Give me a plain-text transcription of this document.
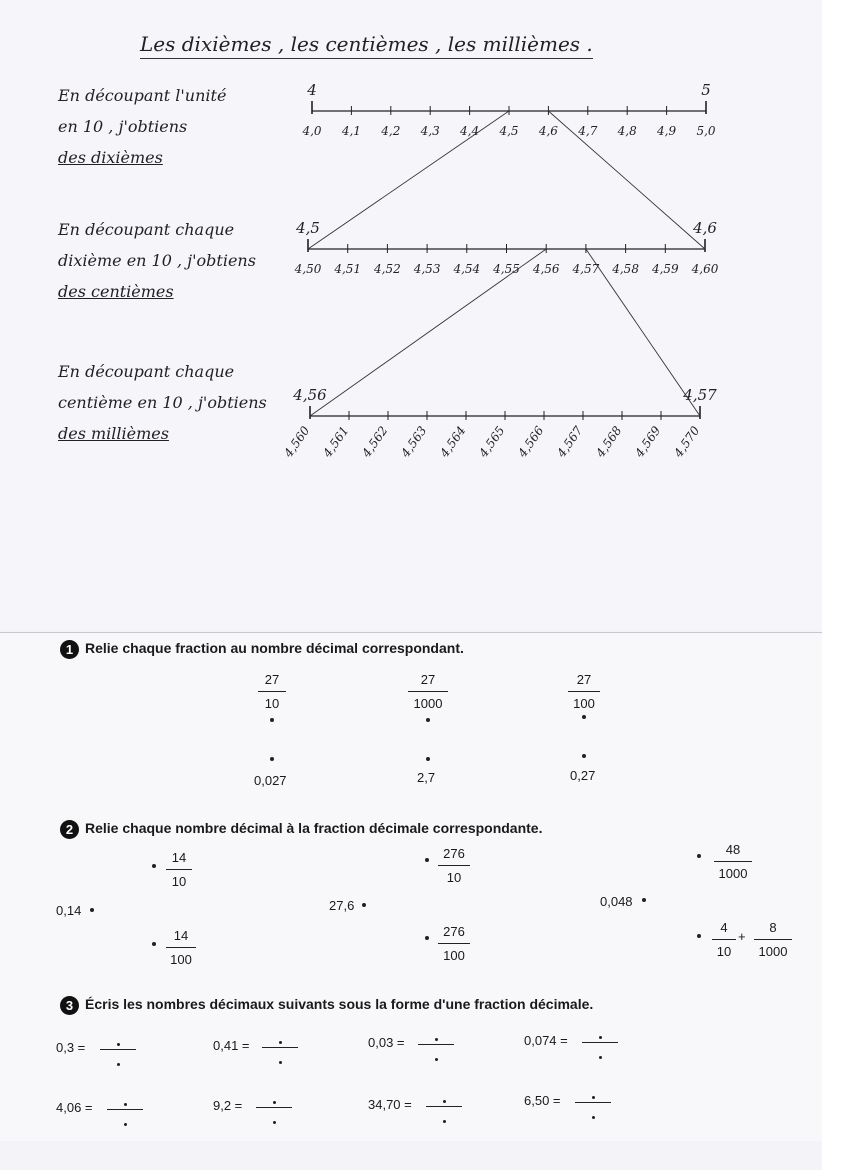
Les dixièmes , les centièmes , les millièmes .
En découpant l'unité
en 10 , j'obtiens
des dixièmes
En découpant chaque
dixième en 10 , j'obtiens
des centièmes
En découpant chaque
centième en 10 , j'obtiens
des millièmes
4,0 4,1 4,2 4,3 4,4 4,5 4,6 4,7 4,8 4,9 5,0
4	5
4,50 4,51 4,52 4,53 4,54 4,55 4,56 4,57 4,58 4,59 4,60
4,5	4,6
4,560 4,561 4,562 4,563 4,564 4,565 4,566 4,567 4,568 4,569 4,570
4,56	4,57
1 Relie chaque fraction au nombre décimal correspondant.
27
10
27
1000
27
100
0,027	2,7	0,27
2 Relie chaque nombre décimal à la fraction décimale correspondante.
14
10
0,14
14
100
276
10
27,6
276
100
48
1000
0,048
4
10
+
8
1000
3 Écris les nombres décimaux suivants sous la forme d'une fraction décimale.
0,3 =	0,41 =	0,03 =	0,074 =
4,06 =	9,2 =	34,70 =	6,50 =
